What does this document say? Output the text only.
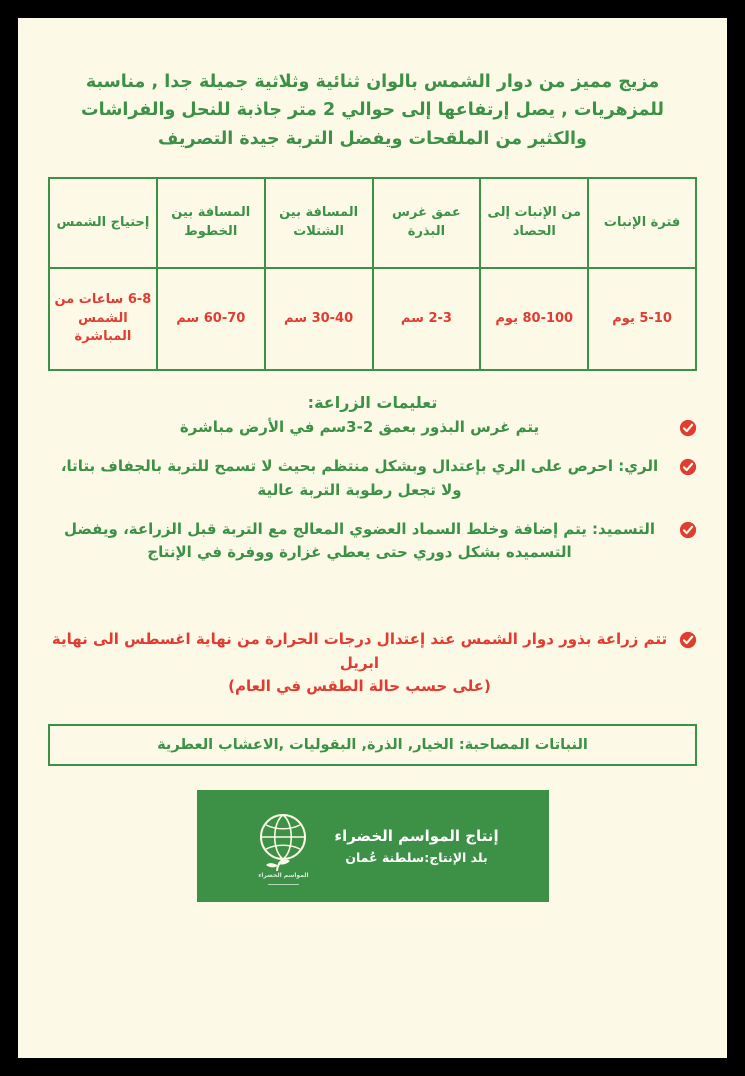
مزيج مميز من دوار الشمس بالوان ثنائية وثلاثية جميلة جدا , مناسبة للمزهريات , يصل إرتفاعها إلى حوالي 2 متر جاذبة للنحل والفراشات والكثير من الملقحات ويفضل التربة جيدة التصريف

فترة الإنبات	من الإنبات إلى الحصاد	عمق غرس البذرة	المسافة بين الشتلات	المسافة بين الخطوط	إحتياج الشمس
5-10 يوم	80-100 يوم	2-3 سم	30-40 سم	60-70 سم	6-8 ساعات من الشمس المباشرة
تعليمات الزراعة:
يتم غرس البذور بعمق 2-3سم في الأرض مباشرة
الري: احرص على الري بإعتدال وبشكل منتظم بحيث لا تسمح للتربة بالجفاف بتاتا، ولا تجعل رطوبة التربة عالية
التسميد: يتم إضافة وخلط السماد العضوي المعالج مع التربة قبل الزراعة، ويفضل التسميده بشكل دوري حتى يعطي غزارة ووفرة في الإنتاج
تتم زراعة بذور دوار الشمس عند إعتدال درجات الحرارة من نهاية اغسطس الى نهاية ابريل
(على حسب حالة الطقس في العام)
النباتات المصاحبة: الخيار, الذرة, البقوليات ,الاعشاب العطرية
إنتاج المواسم الخضراء
بلد الإنتاج:سلطنة عُمان
المواسم الخضراء
ـــــــــــــــ
